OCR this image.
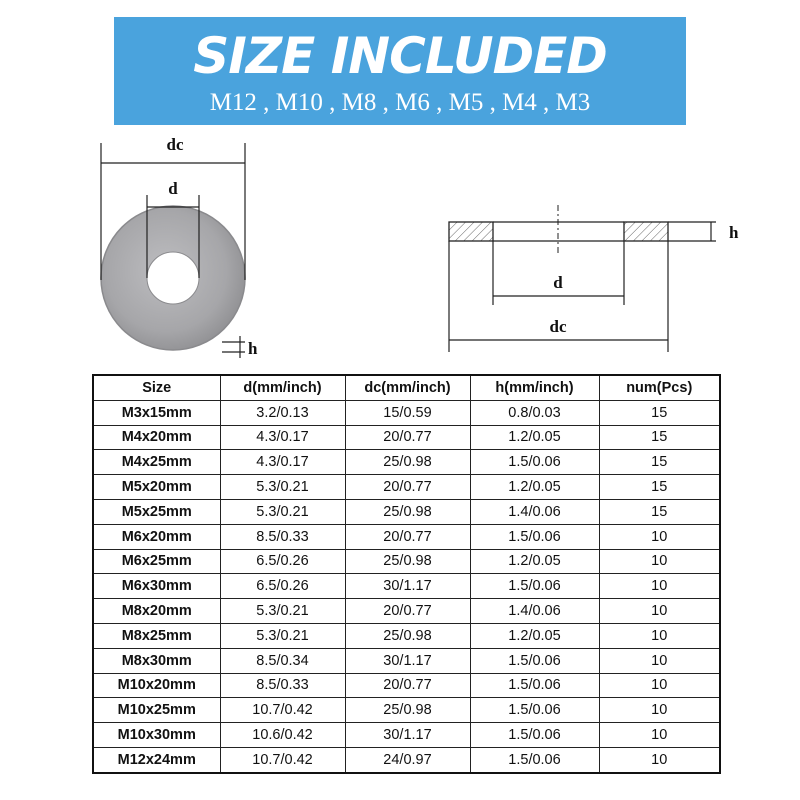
SIZE INCLUDED
M12 , M10 , M8 , M6 , M5 , M4 , M3
dc
d
h
h
d
dc
Size	d(mm/inch)	dc(mm/inch)	h(mm/inch)	num(Pcs)
M3x15mm	3.2/0.13	15/0.59	0.8/0.03	15
M4x20mm	4.3/0.17	20/0.77	1.2/0.05	15
M4x25mm	4.3/0.17	25/0.98	1.5/0.06	15
M5x20mm	5.3/0.21	20/0.77	1.2/0.05	15
M5x25mm	5.3/0.21	25/0.98	1.4/0.06	15
M6x20mm	8.5/0.33	20/0.77	1.5/0.06	10
M6x25mm	6.5/0.26	25/0.98	1.2/0.05	10
M6x30mm	6.5/0.26	30/1.17	1.5/0.06	10
M8x20mm	5.3/0.21	20/0.77	1.4/0.06	10
M8x25mm	5.3/0.21	25/0.98	1.2/0.05	10
M8x30mm	8.5/0.34	30/1.17	1.5/0.06	10
M10x20mm	8.5/0.33	20/0.77	1.5/0.06	10
M10x25mm	10.7/0.42	25/0.98	1.5/0.06	10
M10x30mm	10.6/0.42	30/1.17	1.5/0.06	10
M12x24mm	10.7/0.42	24/0.97	1.5/0.06	10
